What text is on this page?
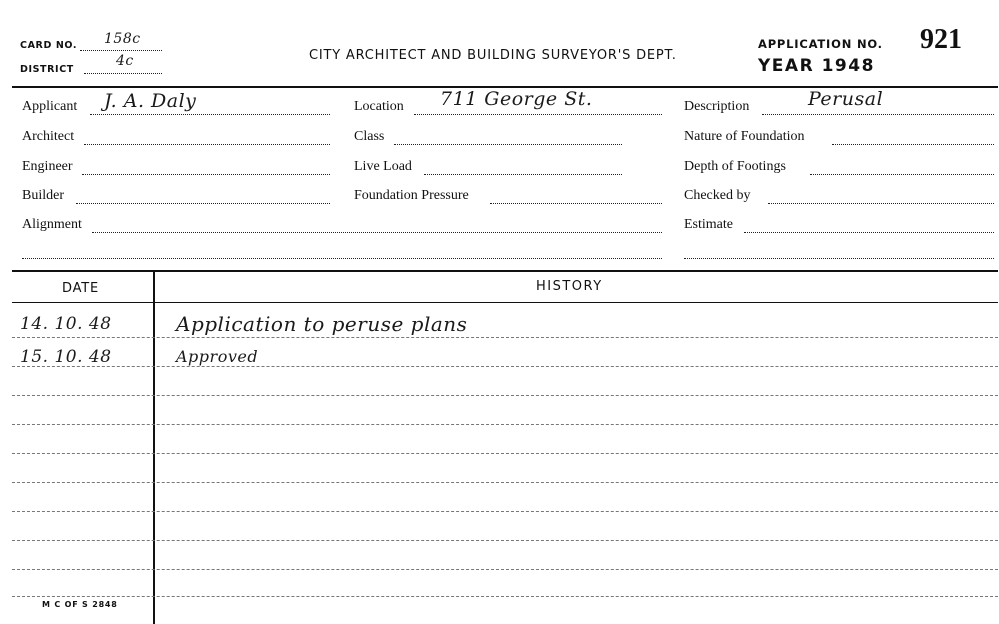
CARD NO. 158c
DISTRICT
4c	CITY ARCHITECT AND BUILDING SURVEYOR'S DEPT.
APPLICATION NO. 921
YEAR 1948
Applicant J. A. Daly
Architect
Engineer
Builder
Alignment
Location 711 George St.
Class
Live Load
Foundation Pressure
Description	Perusal
Nature of Foundation
Depth of Footings
Checked by
Estimate
DATE	HISTORY
14. 10. 48	Application to peruse plans
15. 10. 48	Approved
M C OF S 2848
